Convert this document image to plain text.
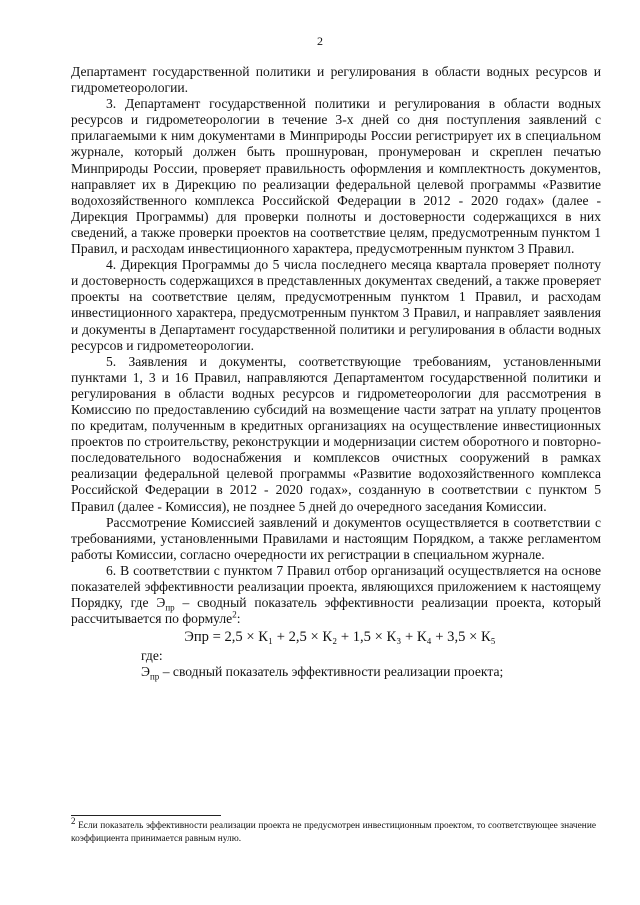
2

Департамент государственной политики и регулирования в области водных ресурсов и гидрометеорологии.

3. Департамент государственной политики и регулирования в области водных ресурсов и гидрометеорологии в течение 3-х дней со дня поступления заявлений с прилагаемыми к ним документами в Минприроды России регистрирует их в специальном журнале, который должен быть прошнурован, пронумерован и скреплен печатью Минприроды России, проверяет правильность оформления и комплектность документов, направляет их в Дирекцию по реализации федеральной целевой программы «Развитие водохозяйственного комплекса Российской Федерации в 2012 - 2020 годах» (далее - Дирекция Программы) для проверки полноты и достоверности содержащихся в них сведений, а также проверки проектов на соответствие целям, предусмотренным пунктом 1 Правил, и расходам инвестиционного характера, предусмотренным пунктом 3 Правил.

4. Дирекция Программы до 5 числа последнего месяца квартала проверяет полноту и достоверность содержащихся в представленных документах сведений, а также проверяет проекты на соответствие целям, предусмотренным пунктом 1 Правил, и расходам инвестиционного характера, предусмотренным пунктом 3 Правил, и направляет заявления и документы в Департамент государственной политики и регулирования в области водных ресурсов и гидрометеорологии.

5. Заявления и документы, соответствующие требованиям, установленными пунктами 1, 3 и 16 Правил, направляются Департаментом государственной политики и регулирования в области водных ресурсов и гидрометеорологии для рассмотрения в Комиссию по предоставлению субсидий на возмещение части затрат на уплату процентов по кредитам, полученным в кредитных организациях на осуществление инвестиционных проектов по строительству, реконструкции и модернизации систем оборотного и повторно-последовательного водоснабжения и комплексов очистных сооружений в рамках реализации федеральной целевой программы «Развитие водохозяйственного комплекса Российской Федерации в 2012 - 2020 годах», созданную в соответствии с пунктом 5 Правил (далее - Комиссия), не позднее 5 дней до очередного заседания Комиссии.

Рассмотрение Комиссией заявлений и документов осуществляется в соответствии с требованиями, установленными Правилами и настоящим Порядком, а также регламентом работы Комиссии, согласно очередности их регистрации в специальном журнале.

6. В соответствии с пунктом 7 Правил отбор организаций осуществляется на основе показателей эффективности реализации проекта, являющихся приложением к настоящему Порядку, где $Э_{пр}$ – сводный показатель эффективности реализации проекта, который рассчитывается по формуле$^2$:

Эпр = 2,5 × К₁ + 2,5 × К₂ + 1,5 × К₃ + К₄ + 3,5 × К₅

где:

$Э_{пр}$ – сводный показатель эффективности реализации проекта;

$^2$ Если показатель эффективности реализации проекта не предусмотрен инвестиционным проектом, то соответствующее значение коэффициента принимается равным нулю.
